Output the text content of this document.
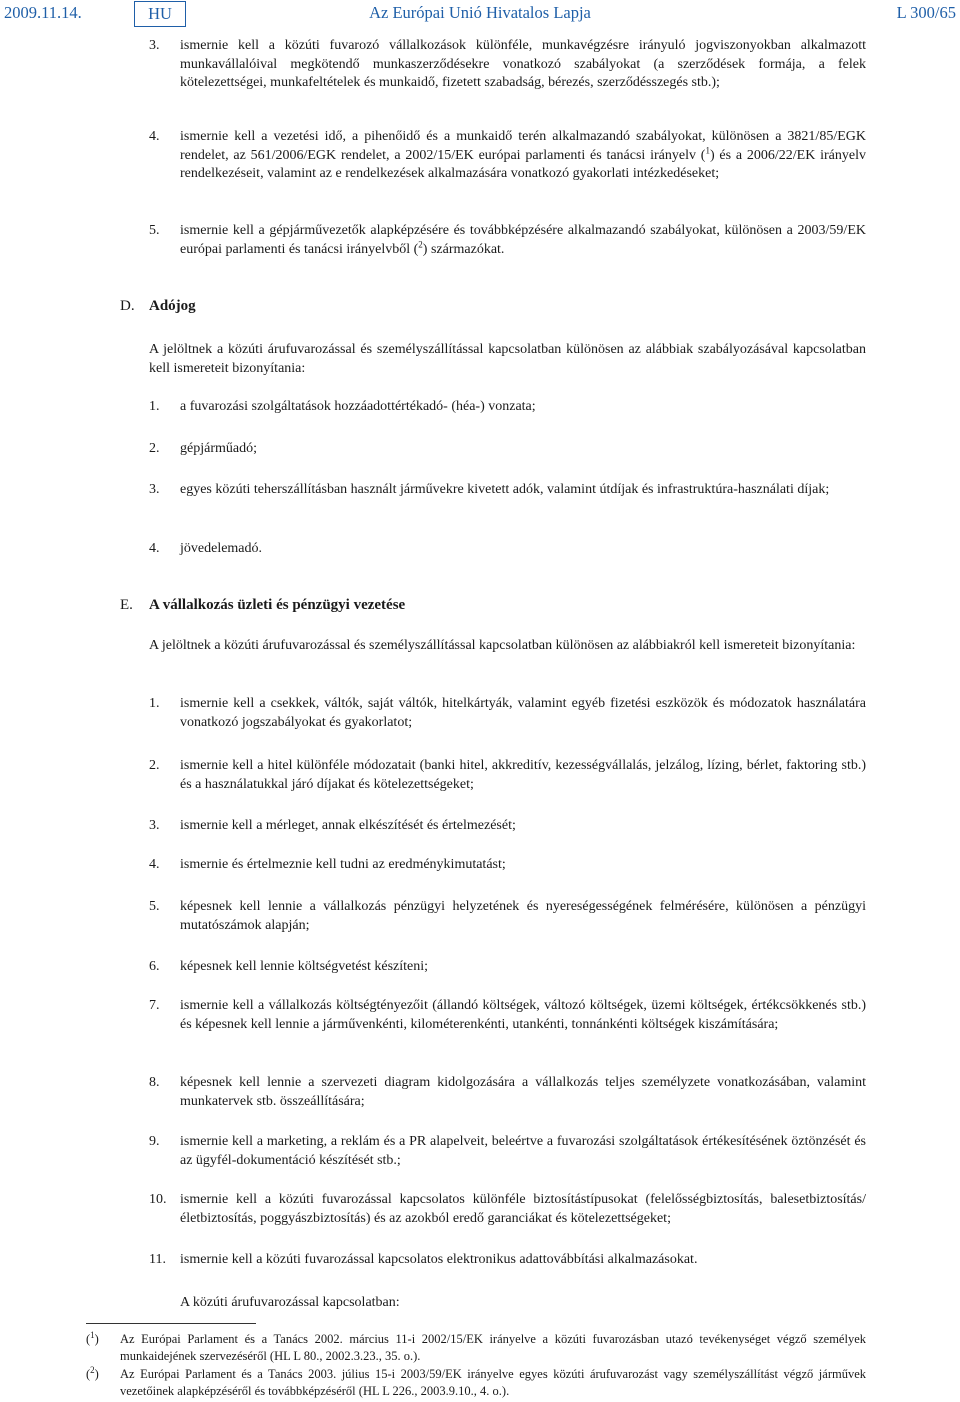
2009.11.14.	HU	Az Európai Unió Hivatalos Lapja	L 300/65
3. ismernie kell a közúti fuvarozó vállalkozások különféle, munkavégzésre irányuló jogviszonyokban alkalmazott munkavállalóival megkötendő munkaszerződésekre vonatkozó szabályokat (a szerződések formája, a felek kötelezettségei, munkafeltételek és munkaidő, fizetett szabadság, bérezés, szerződésszegés stb.);
4. ismernie kell a vezetési idő, a pihenőidő és a munkaidő terén alkalmazandó szabályokat, különösen a 3821/85/EGK rendelet, az 561/2006/EGK rendelet, a 2002/15/EK európai parlamenti és tanácsi irányelv ($^1$) és a 2006/22/EK irányelv rendelkezéseit, valamint az e rendelkezések alkalmazására vonatkozó gyakorlati intézkedéseket;
5. ismernie kell a gépjárművezetők alapképzésére és továbbképzésére alkalmazandó szabályokat, különösen a 2003/59/EK európai parlamenti és tanácsi irányelvből ($^2$) származókat.
D. Adójog
A jelöltnek a közúti árufuvarozással és személyszállítással kapcsolatban különösen az alábbiak szabályozásával kapcsolatban kell ismereteit bizonyítania:
1. a fuvarozási szolgáltatások hozzáadottértékadó- (héa-) vonzata;
2. gépjárműadó;
3. egyes közúti teherszállításban használt járművekre kivetett adók, valamint útdíjak és infrastruktúra-használati díjak;
4. jövedelemadó.
E. A vállalkozás üzleti és pénzügyi vezetése
A jelöltnek a közúti árufuvarozással és személyszállítással kapcsolatban különösen az alábbiakról kell ismereteit bizonyítania:
1. ismernie kell a csekkek, váltók, saját váltók, hitelkártyák, valamint egyéb fizetési eszközök és módozatok használatára vonatkozó jogszabályokat és gyakorlatot;
2. ismernie kell a hitel különféle módozatait (banki hitel, akkreditív, kezességvállalás, jelzálog, lízing, bérlet, faktoring stb.) és a használatukkal járó díjakat és kötelezettségeket;
3. ismernie kell a mérleget, annak elkészítését és értelmezését;
4. ismernie és értelmeznie kell tudni az eredménykimutatást;
5. képesnek kell lennie a vállalkozás pénzügyi helyzetének és nyereségességének felmérésére, különösen a pénzügyi mutatószámok alapján;
6. képesnek kell lennie költségvetést készíteni;
7. ismernie kell a vállalkozás költségtényezőit (állandó költségek, változó költségek, üzemi költségek, értékcsökkenés stb.) és képesnek kell lennie a járművenkénti, kilométerenkénti, utankénti, tonnánkénti költségek kiszámítására;
8. képesnek kell lennie a szervezeti diagram kidolgozására a vállalkozás teljes személyzete vonatkozásában, valamint munkatervek stb. összeállítására;
9. ismernie kell a marketing, a reklám és a PR alapelveit, beleértve a fuvarozási szolgáltatások értékesítésének öztönzését és az ügyfél-dokumentáció készítését stb.;
10. ismernie kell a közúti fuvarozással kapcsolatos különféle biztosítástípusokat (felelősségbiztosítás, balesetbiztosítás/életbiztosítás, poggyászbiztosítás) és az azokból eredő garanciákat és kötelezettségeket;
11. ismernie kell a közúti fuvarozással kapcsolatos elektronikus adattovábbítási alkalmazásokat.
A közúti árufuvarozással kapcsolatban:
($^1$) Az Európai Parlament és a Tanács 2002. március 11-i 2002/15/EK irányelve a közúti fuvarozásban utazó tevékenységet végző személyek munkaidejének szervezéséről (HL L 80., 2002.3.23., 35. o.).
($^2$) Az Európai Parlament és a Tanács 2003. július 15-i 2003/59/EK irányelve egyes közúti árufuvarozást vagy személyszállítást végző járművek vezetőinek alapképzéséről és továbbképzéséről (HL L 226., 2003.9.10., 4. o.).
